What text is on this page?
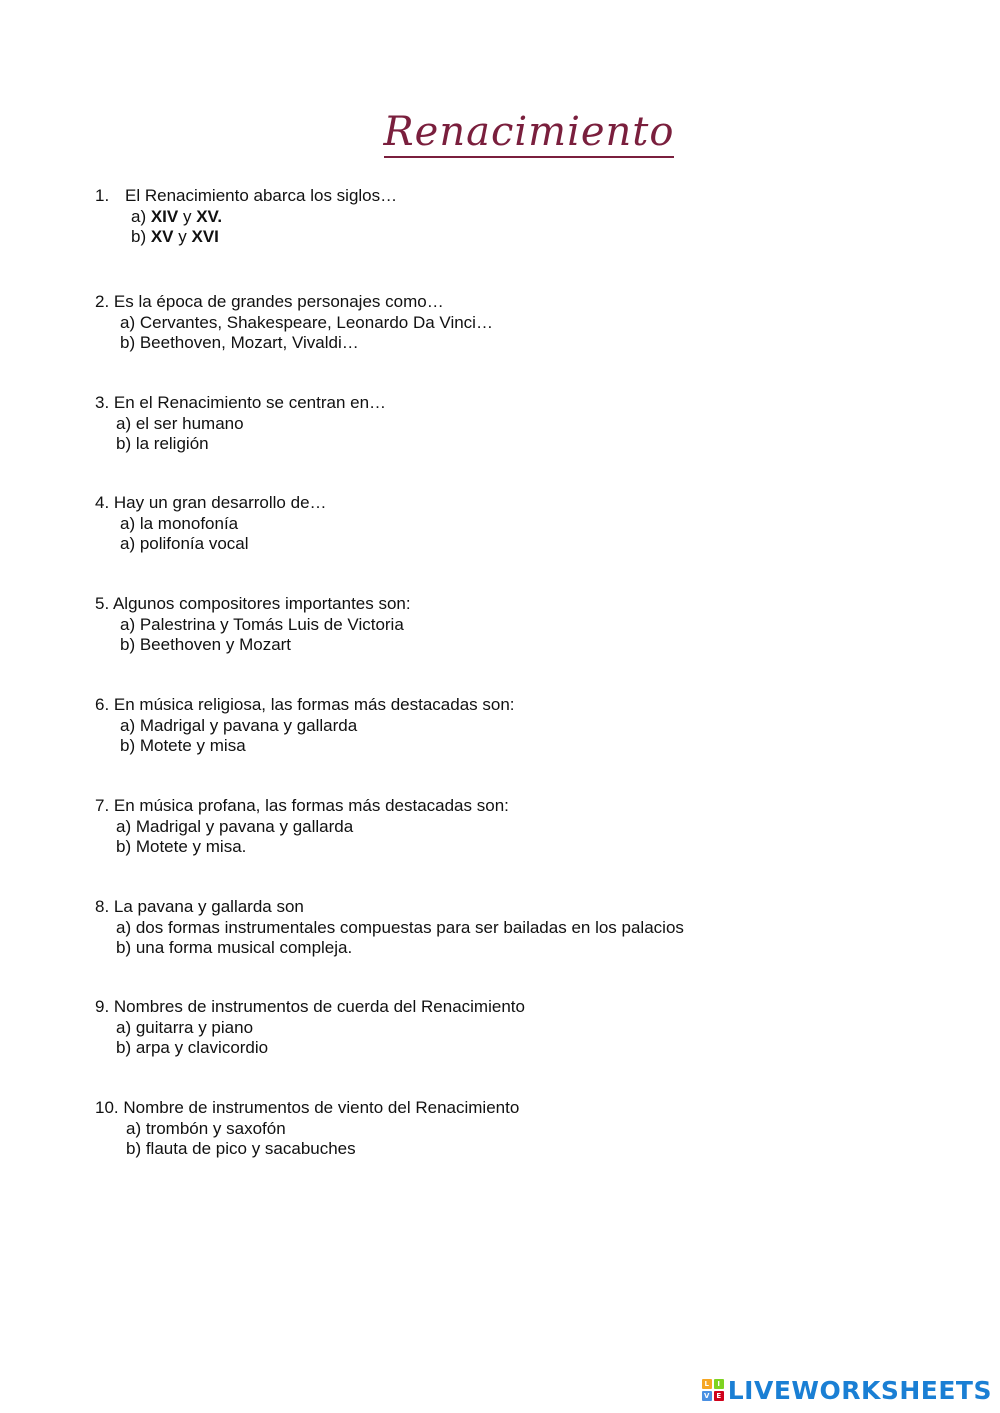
Renacimiento
1. El Renacimiento abarca los siglos…
a) XIV y XV.
b) XV y XVI
2. Es la época de grandes personajes como…
a) Cervantes, Shakespeare, Leonardo Da Vinci…
b) Beethoven, Mozart, Vivaldi…
3. En el Renacimiento se centran en…
a) el ser humano
b) la religión
4. Hay un gran desarrollo de…
a) la monofonía
a) polifonía vocal
5. Algunos compositores importantes son:
a) Palestrina y Tomás Luis de Victoria
b) Beethoven y Mozart
6. En música religiosa, las formas más destacadas son:
a) Madrigal y pavana y gallarda
b) Motete y misa
7. En música profana, las formas más destacadas son:
a) Madrigal y pavana y gallarda
b) Motete y misa.
8. La pavana y gallarda son
a) dos formas instrumentales compuestas para ser bailadas en los palacios
b) una forma musical compleja.
9. Nombres de instrumentos de cuerda del Renacimiento
a) guitarra y piano
b) arpa y clavicordio
10. Nombre de instrumentos de viento del Renacimiento
a) trombón y saxofón
b) flauta de pico y sacabuches
L	I
V E LIVEWORKSHEETS
